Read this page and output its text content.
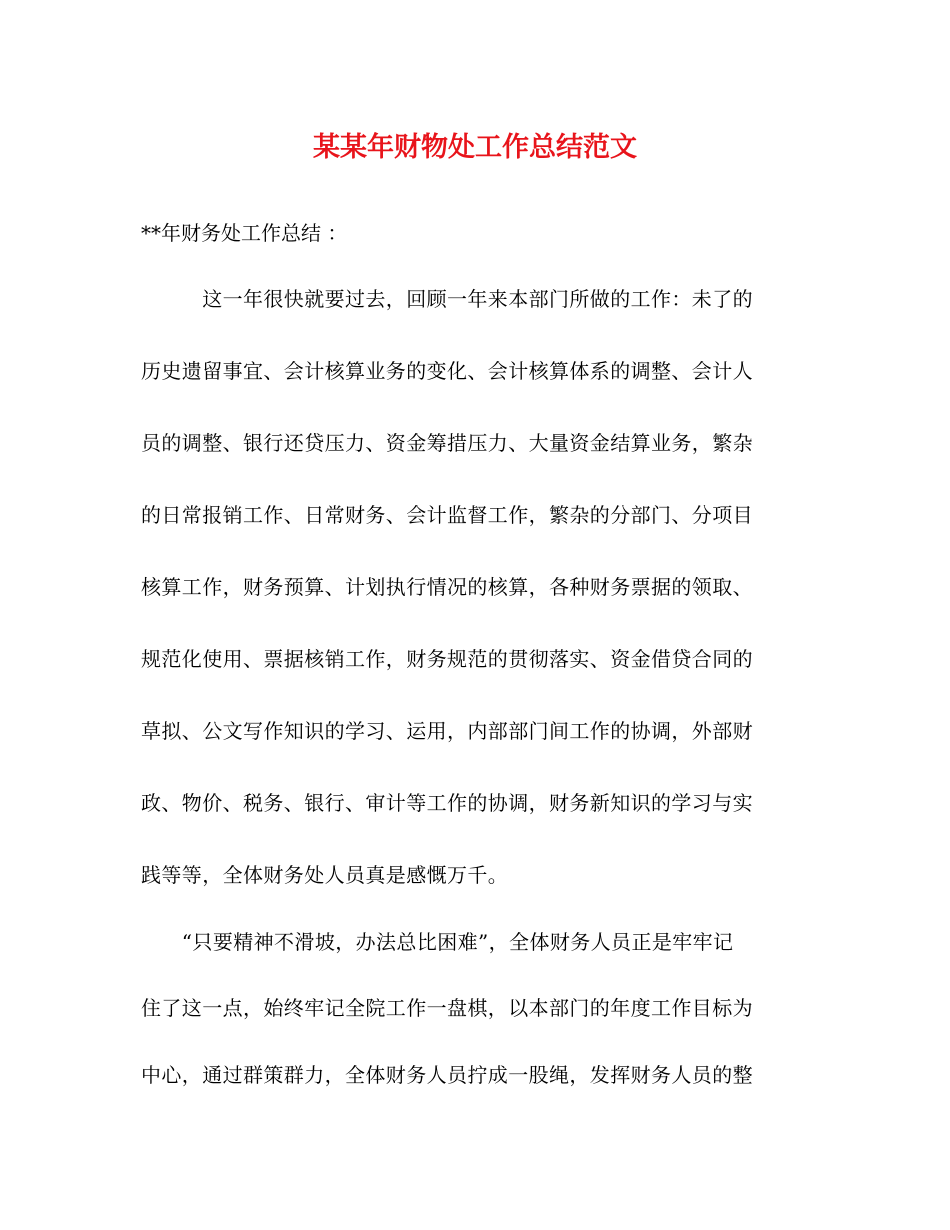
某某年财物处工作总结范文

**年财务处工作总结 ：

　　　这一年很快就要过去，回顾一年来本部门所做的工作：未了的

历史遗留事宜、会计核算业务的变化、会计核算体系的调整、会计人

员的调整、银行还贷压力、资金筹措压力、大量资金结算业务，繁杂

的日常报销工作、日常财务、会计监督工作，繁杂的分部门、分项目

核算工作，财务预算、计划执行情况的核算，各种财务票据的领取、

规范化使用、票据核销工作，财务规范的贯彻落实、资金借贷合同的

草拟、公文写作知识的学习、运用，内部部门间工作的协调，外部财

政、物价、税务、银行、审计等工作的协调，财务新知识的学习与实

践等等，全体财务处人员真是感慨万千。

　　“只要精神不滑坡，办法总比困难”，全体财务人员正是牢牢记

住了这一点，始终牢记全院工作一盘棋，以本部门的年度工作目标为

中心，通过群策群力，全体财务人员拧成一股绳，发挥财务人员的整
